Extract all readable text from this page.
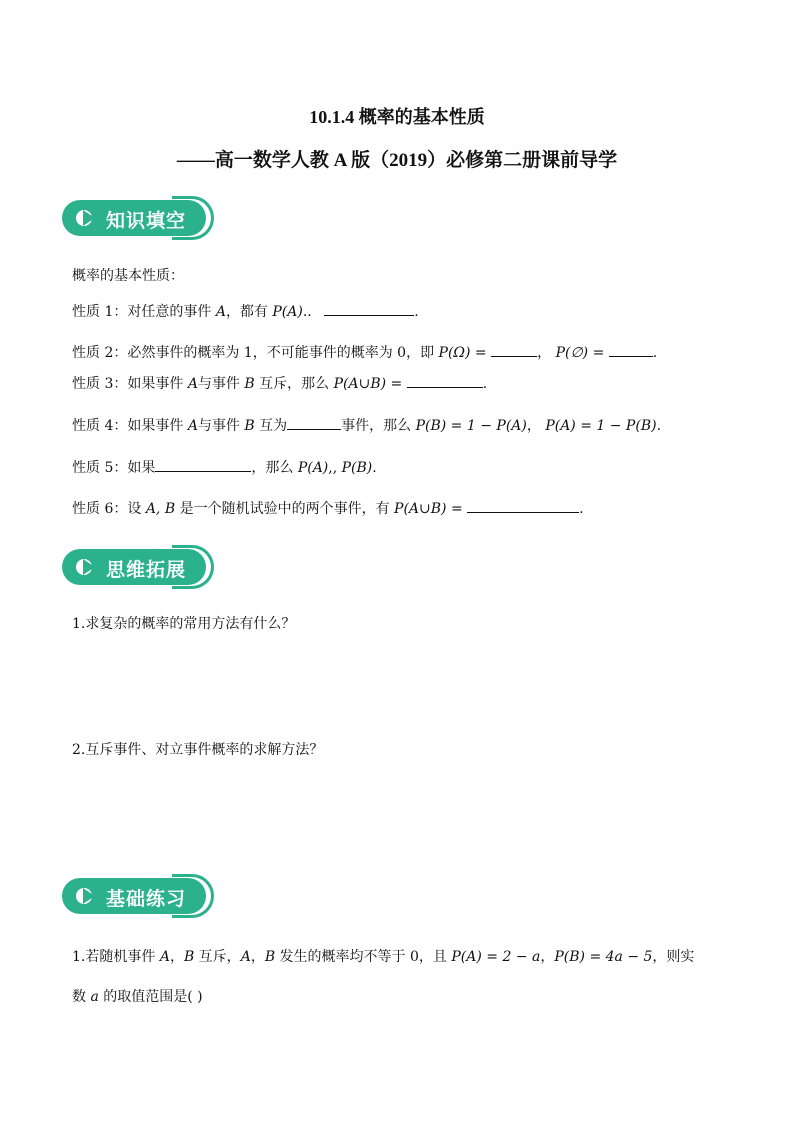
10.1.4 概率的基本性质
——高一数学人教 A 版（2019）必修第二册课前导学
知识填空
概率的基本性质：
性质 1：对任意的事件 A，都有 P(A)..	.
性质 2：必然事件的概率为 1，不可能事件的概率为 0，即 P(Ω) =	， P(∅) =	.
性质 3：如果事件 A与事件 B 互斥，那么 P(A∪B) =	.
性质 4：如果事件 A与事件 B 互为	事件，那么 P(B) = 1 − P(A)， P(A) = 1 − P(B).
性质 5：如果	，那么 P(A),, P(B).
性质 6：设 A, B 是一个随机试验中的两个事件，有 P(A∪B) =	.
思维拓展
1.求复杂的概率的常用方法有什么？
2.互斥事件、对立事件概率的求解方法？
基础练习
1.若随机事件 A，B 互斥，A，B 发生的概率均不等于 0，且 P(A) = 2 − a，P(B) = 4a − 5，则实
数 a 的取值范围是( )
